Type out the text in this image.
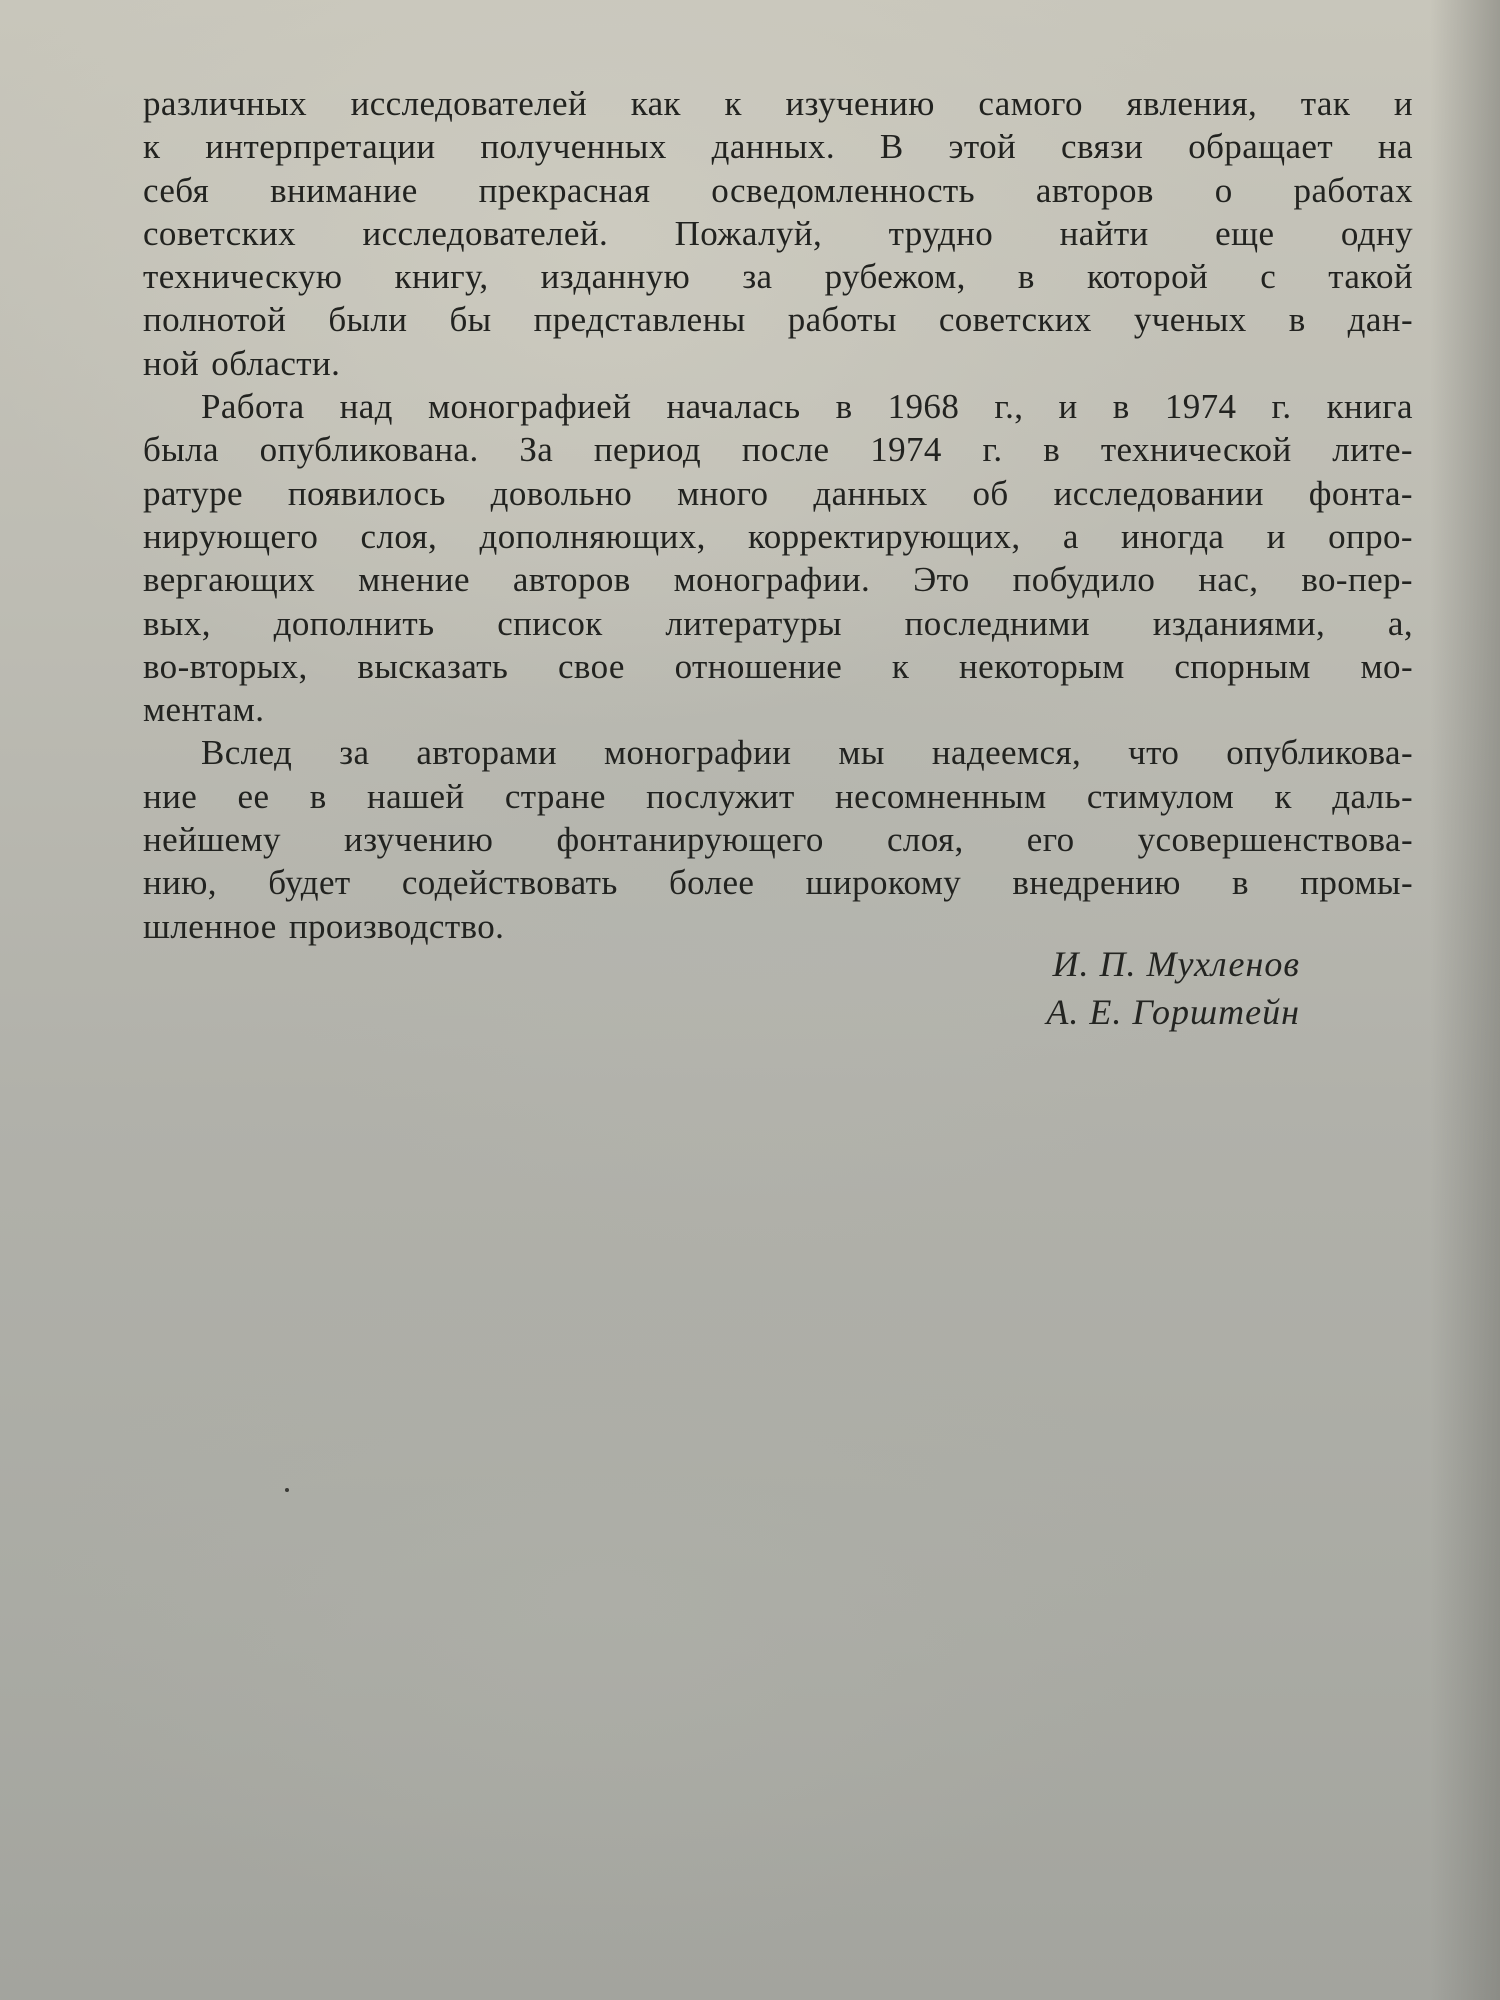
различных исследователей как к изучению самого явления, так и
к интерпретации полученных данных. В этой связи обращает на
себя внимание прекрасная осведомленность авторов о работах
советских исследователей. Пожалуй, трудно найти еще одну
техническую книгу, изданную за рубежом, в которой с такой
полнотой были бы представлены работы советских ученых в дан-
ной области.
Работа над монографией началась в 1968 г., и в 1974 г. книга
была опубликована. За период после 1974 г. в технической лите-
ратуре появилось довольно много данных об исследовании фонта-
нирующего слоя, дополняющих, корректирующих, а иногда и опро-
вергающих мнение авторов монографии. Это побудило нас, во-пер-
вых, дополнить список литературы последними изданиями, а,
во-вторых, высказать свое отношение к некоторым спорным мо-
ментам.
Вслед за авторами монографии мы надеемся, что опубликова-
ние ее в нашей стране послужит несомненным стимулом к даль-
нейшему изучению фонтанирующего слоя, его усовершенствова-
нию, будет содействовать более широкому внедрению в промы-
шленное производство.
И. П. Мухленов
А. Е. Горштейн
